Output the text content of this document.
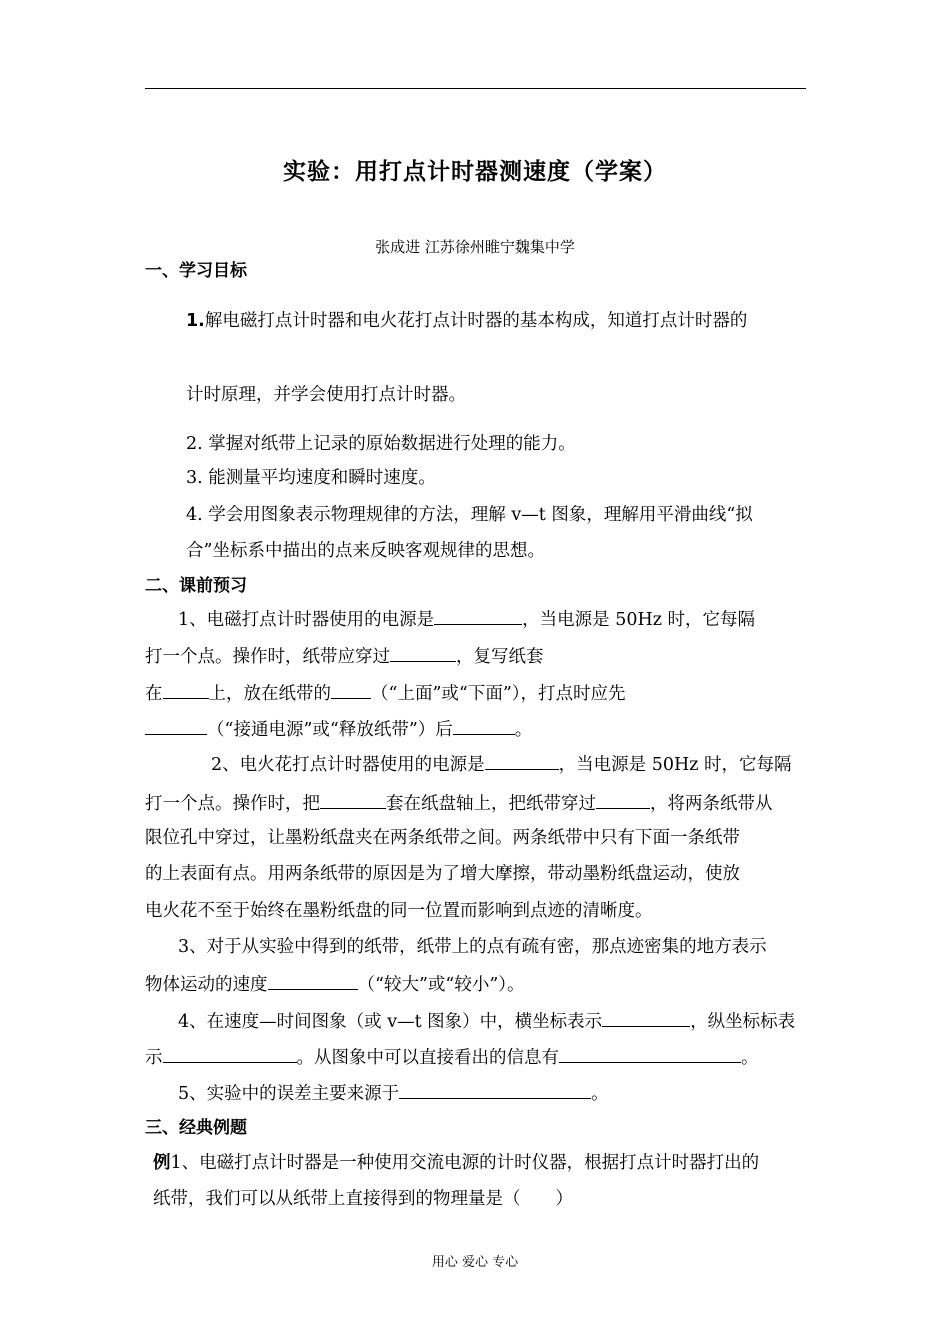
实验：用打点计时器测速度（学案）
张成进 江苏徐州睢宁魏集中学
一、学习目标
1.解电磁打点计时器和电火花打点计时器的基本构成，知道打点计时器的
计时原理，并学会使用打点计时器。
2. 掌握对纸带上记录的原始数据进行处理的能力。
3. 能测量平均速度和瞬时速度。
4. 学会用图象表示物理规律的方法，理解 v—t 图象，理解用平滑曲线“拟
合”坐标系中描出的点来反映客观规律的思想。
二、课前预习
1、电磁打点计时器使用的电源是	，当电源是 50Hz 时，它每隔
打一个点。操作时，纸带应穿过	，复写纸套
在	上，放在纸带的 （“上面”或“下面”），打点时应先
（“接通电源”或“释放纸带”）后	。
2、电火花打点计时器使用的电源是	，当电源是 50Hz 时，它每隔
打一个点。操作时，把	套在纸盘轴上，把纸带穿过	，将两条纸带从
限位孔中穿过，让墨粉纸盘夹在两条纸带之间。两条纸带中只有下面一条纸带
的上表面有点。用两条纸带的原因是为了增大摩擦，带动墨粉纸盘运动，使放
电火花不至于始终在墨粉纸盘的同一位置而影响到点迹的清晰度。
3、对于从实验中得到的纸带，纸带上的点有疏有密，那点迹密集的地方表示
物体运动的速度	（“较大”或“较小”）。
4、在速度—时间图象（或 v—t 图象）中，横坐标表示	，纵坐标标表
示	。从图象中可以直接看出的信息有	。
5、实验中的误差主要来源于	。
三、经典例题
例1、电磁打点计时器是一种使用交流电源的计时仪器，根据打点计时器打出的
纸带，我们可以从纸带上直接得到的物理量是（　　）
用心 爱心 专心
